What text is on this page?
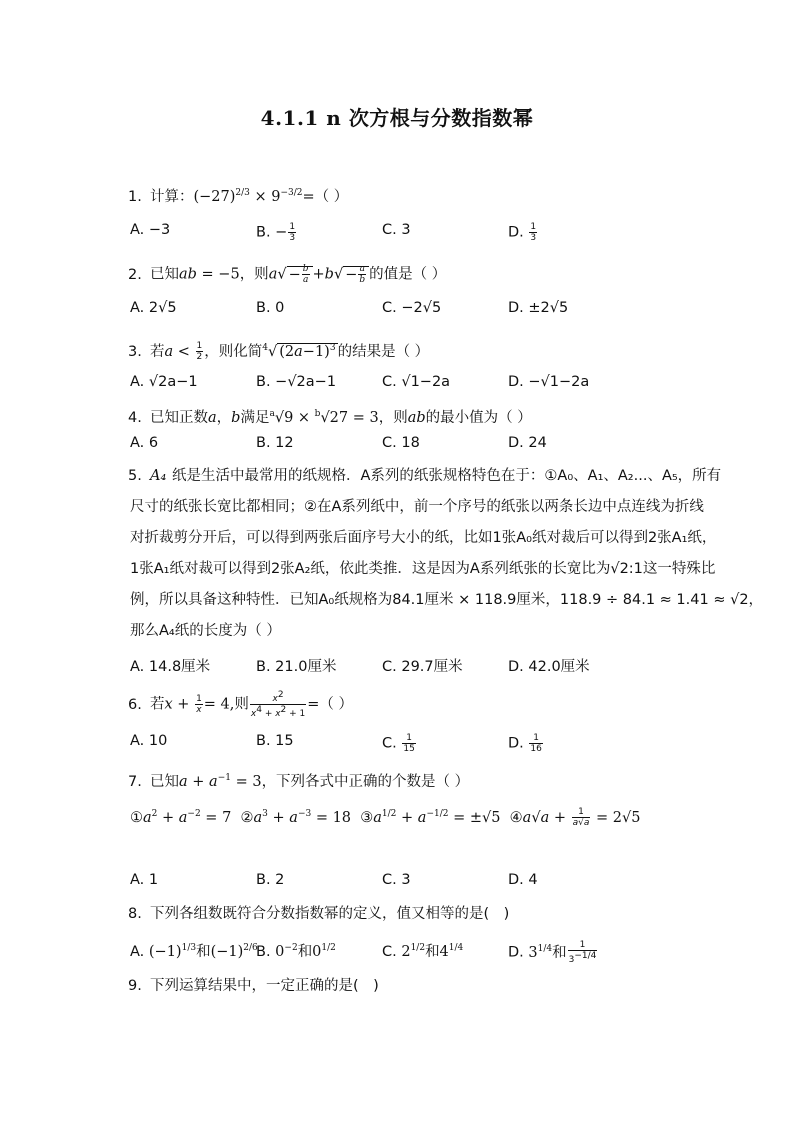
4.1.1 n 次方根与分数指数幂
1. 计算：$(-27)^{2/3} \times 9^{-3/2}=$（ ）
A. −3	B. − $\frac{1}{3}$	C. 3	D. $\frac{1}{3}$
2. 已知ab = −5，则$a√ - \frac{b}{a} +b√ - \frac{a}{b}$ 的值是（ ）
A. 2√5	B. 0	C. −2√5	D. ±2√5
3. 若$a < \frac{1}{2}$ ，则化简$^4$√ $(2a-1)^3$ 的结果是（ ）
A. √2a−1	B. −√2a−1	C. √1−2a	D. −√1−2a
4. 已知正数a，b满足$^a$√9 × $^b$√27 = 3，则ab的最小值为（ ）
A. 6	B. 12	C. 18	D. 24
5. A₄ 纸是生活中最常用的纸规格．A系列的纸张规格特色在于：①A₀、A₁、A₂...、A₅，所有
尺寸的纸张长宽比都相同；②在A系列纸中，前一个序号的纸张以两条长边中点连线为折线
对折裁剪分开后，可以得到两张后面序号大小的纸，比如1张A₀纸对裁后可以得到2张A₁纸，
1张A₁纸对裁可以得到2张A₂纸，依此类推．这是因为A系列纸张的长宽比为√2:1这一特殊比
例，所以具备这种特性．已知A₀纸规格为84.1厘米 × 118.9厘米，118.9 ÷ 84.1 ≈ 1.41 ≈ √2，
那么A₄纸的长度为（ ）
A. 14.8厘米	B. 21.0厘米	C. 29.7厘米	D. 42.0厘米
6. 若$x + \frac{1}{x} = 4$,则 $\frac{x^2}{x^4 + x^2 + 1}$ =（ ）
A. 10	B. 15	C. $\frac{1}{15}$	D. $\frac{1}{16}$
7. 已知$a + a^{-1} = 3$，下列各式中正确的个数是（ ）
$①a^2 + a^{-2} = 7$  $②a^3 + a^{-3} = 18$  $③a^{1/2} + a^{-1/2} = \pm√5$  ④a√a + $\frac{1}{a√a} = 2√5$
A. 1	B. 2	C. 3	D. 4
8. 下列各组数既符合分数指数幂的定义，值又相等的是(　)
A. $(-1)^{1/3}$和$(-1)^{2/6}$
B. $0^{-2}$和$0^{1/2}$	C. $2^{1/2}$和$4^{1/4}$	D. $3^{1/4}$和 $\frac{1}{3^{-1/4}}$
9. 下列运算结果中，一定正确的是(　)
